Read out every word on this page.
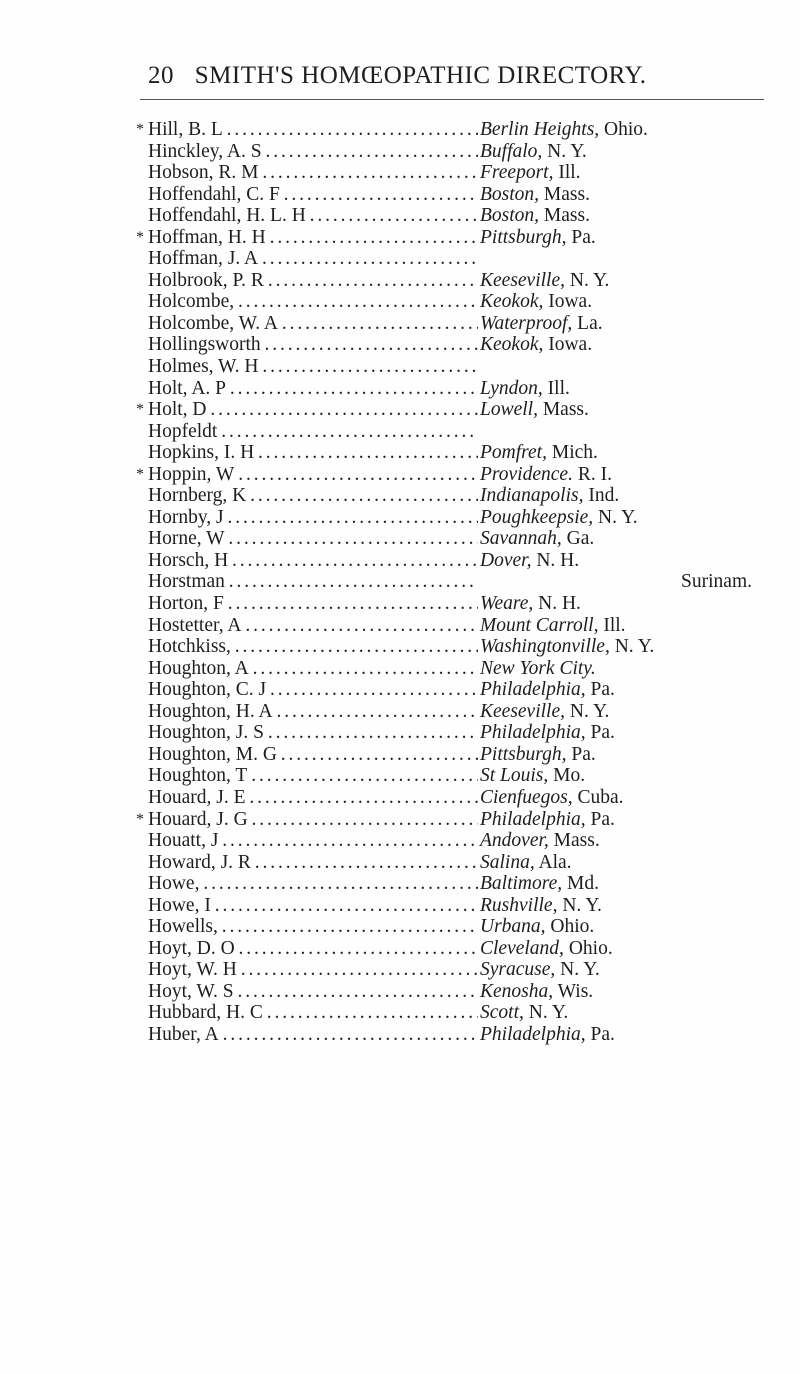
20 SMITH'S HOMŒOPATHIC DIRECTORY.
* Hill, B. L . . .	Berlin Heights, Ohio.
Hinckley, A. S . . .	Buffalo, N. Y.
Hobson, R. M . . .	Freeport, Ill.
Hoffendahl, C. F . . .	Boston, Mass.
Hoffendahl, H. L. H . . .	Boston, Mass.
* Hoffman, H. H . . .	Pittsburgh, Pa.
Hoffman, J. A . . .
Holbrook, P. R . . .	Keeseville, N. Y.
Holcombe, . . .	Keokok, Iowa.
Holcombe, W. A . . .	Waterproof, La.
Hollingsworth . . .	Keokok, Iowa.
Holmes, W. H . . .
Holt, A. P . . .	Lyndon, Ill.
* Holt, D . . .	Lowell, Mass.
Hopfeldt . . .
Hopkins, I. H . . .	Pomfret, Mich.
* Hoppin, W . . .	Providence. R. I.
Hornberg, K . . .	Indianapolis, Ind.
Hornby, J . . .	Poughkeepsie, N. Y.
Horne, W . . .	Savannah, Ga.
Horsch, H . . .	Dover, N. H.
Horstman . . .	Surinam.
Horton, F . . .	Weare, N. H.
Hostetter, A . . .	Mount Carroll, Ill.
Hotchkiss, . . .	Washingtonville, N. Y.
Houghton, A . . .	New York City.
Houghton, C. J . . .	Philadelphia, Pa.
Houghton, H. A . . .	Keeseville, N. Y.
Houghton, J. S . . .	Philadelphia, Pa.
Houghton, M. G . . .	Pittsburgh, Pa.
Houghton, T . . .	St Louis, Mo.
Houard, J. E . . .	Cienfuegos, Cuba.
* Houard, J. G . . .	Philadelphia, Pa.
Houatt, J . . .	Andover, Mass.
Howard, J. R . . .	Salina, Ala.
Howe, . . .	Baltimore, Md.
Howe, I . . .	Rushville, N. Y.
Howells, . . .	Urbana, Ohio.
Hoyt, D. O . . .	Cleveland, Ohio.
Hoyt, W. H . . .	Syracuse, N. Y.
Hoyt, W. S . . .	Kenosha, Wis.
Hubbard, H. C . . .	Scott, N. Y.
Huber, A . . .	Philadelphia, Pa.
